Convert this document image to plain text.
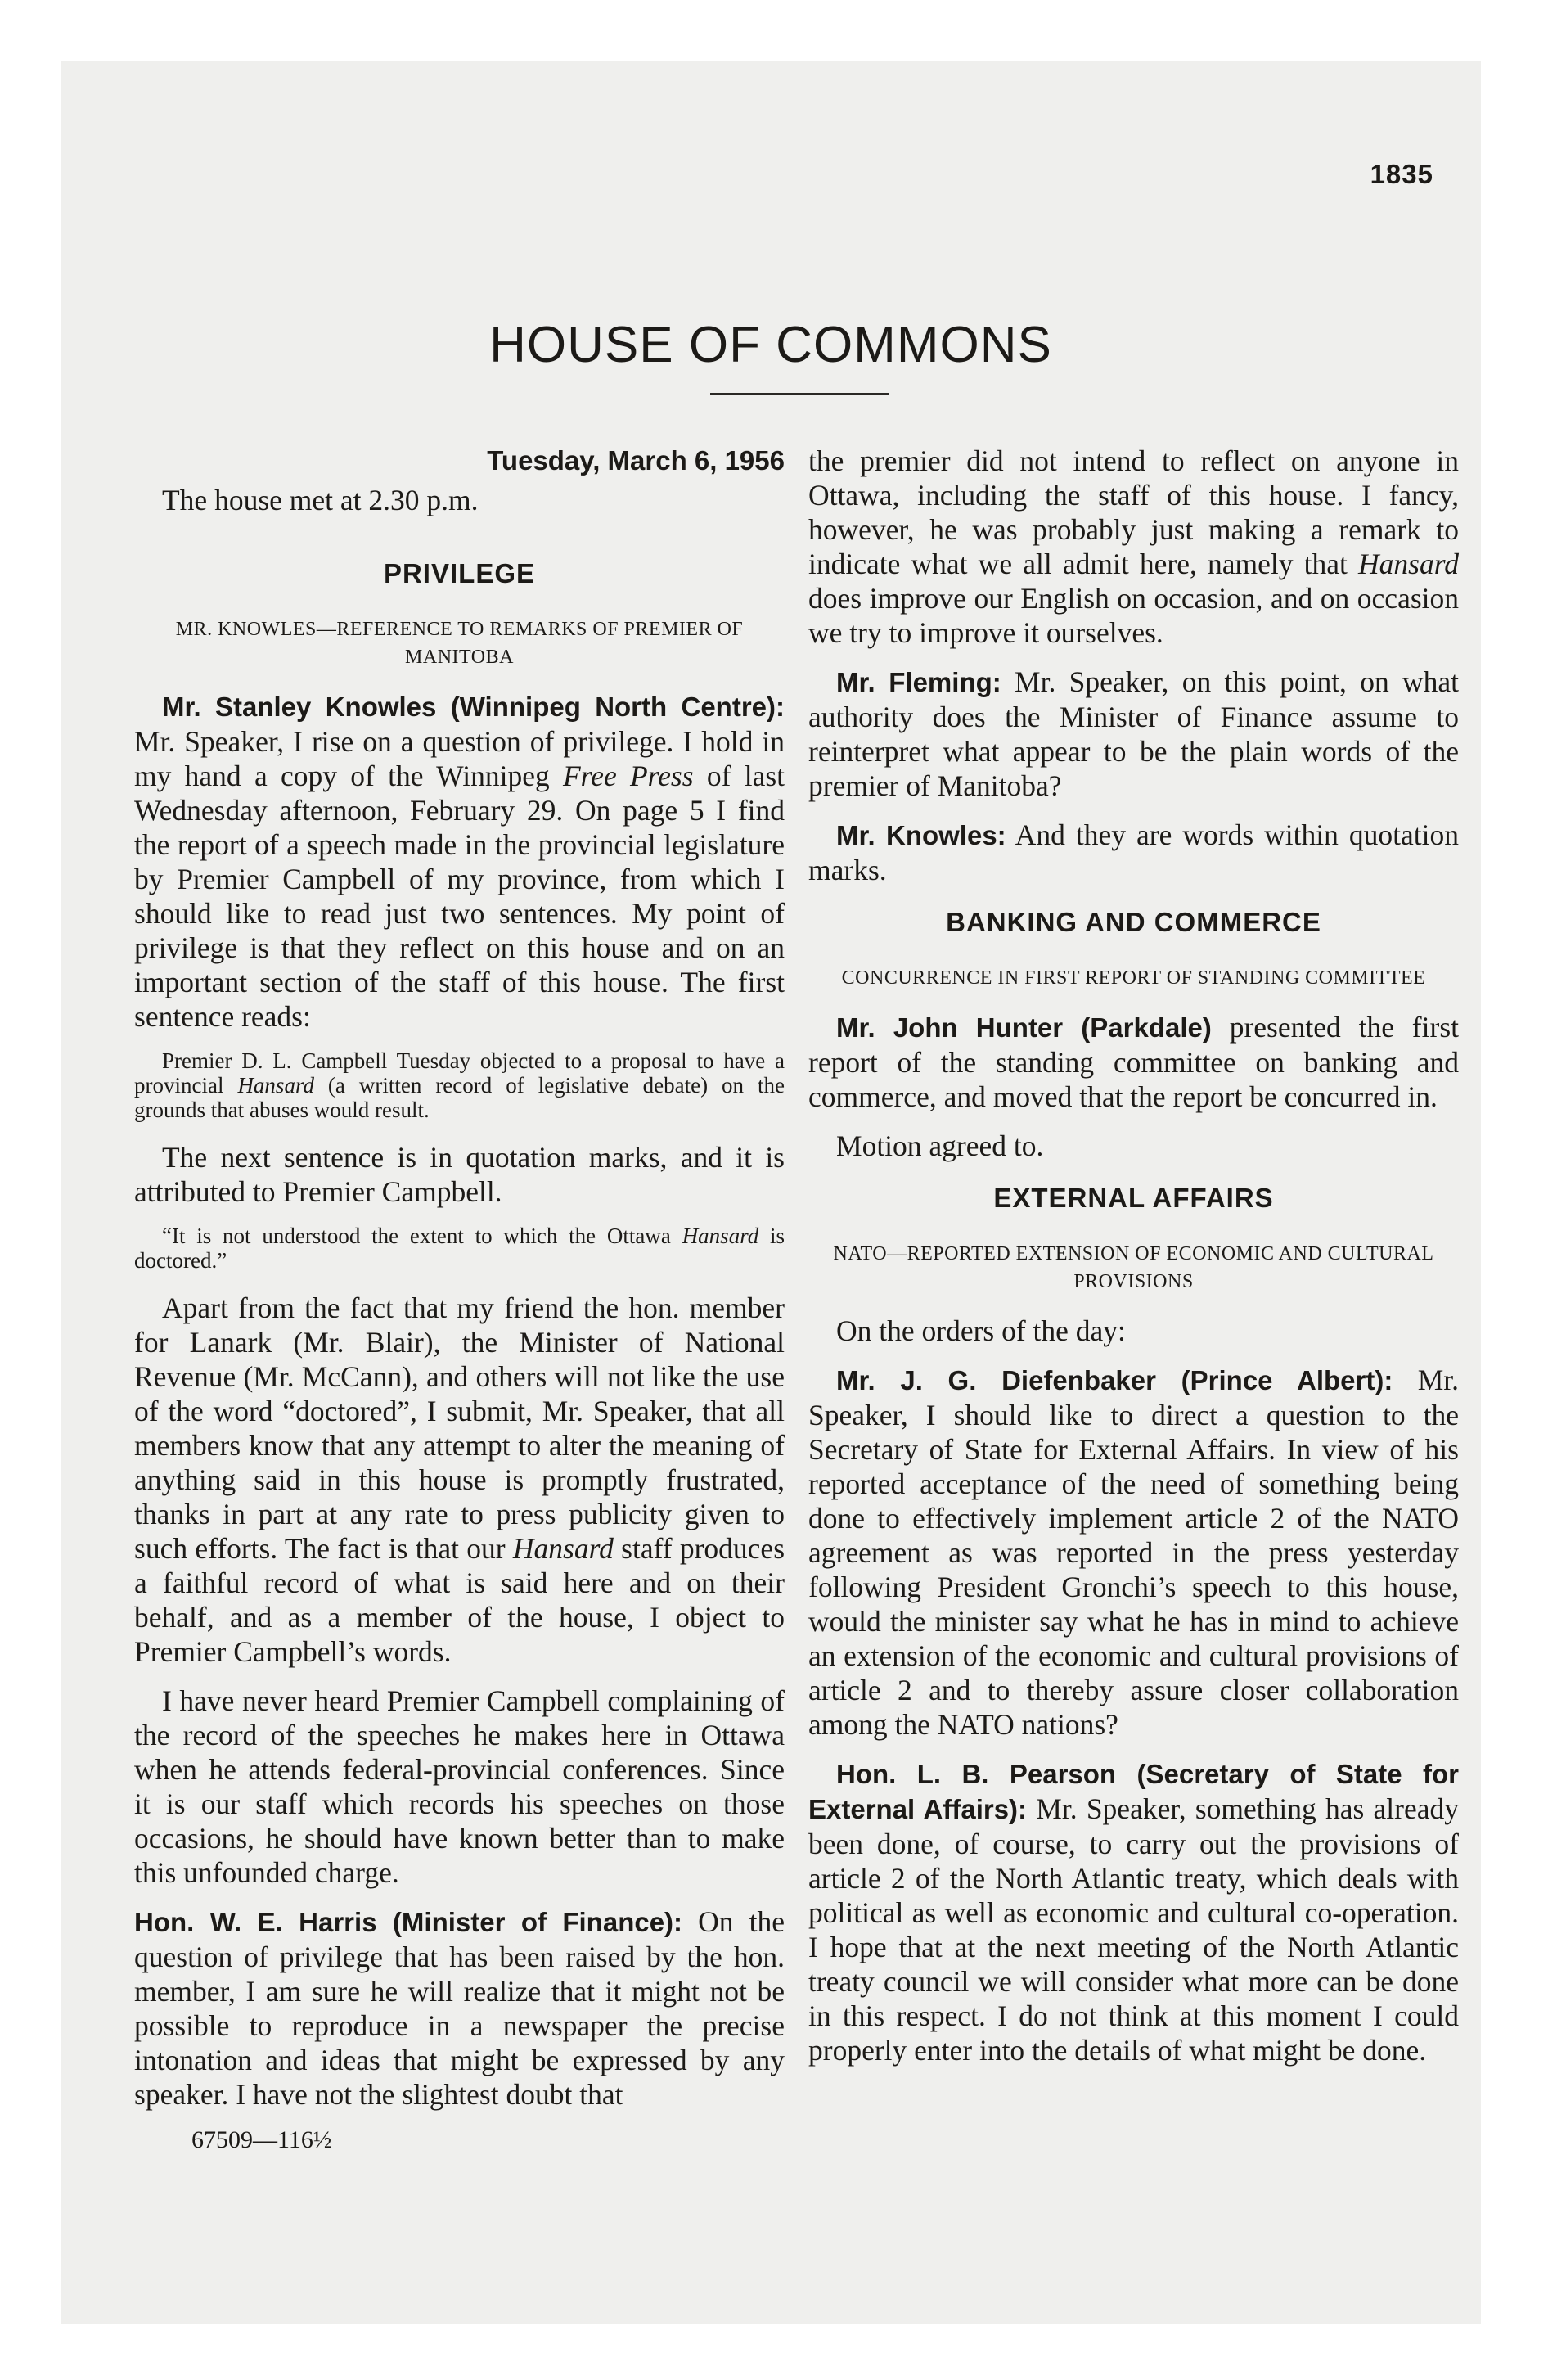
1835
HOUSE OF COMMONS

Tuesday, March 6, 1956

The house met at 2.30 p.m.

PRIVILEGE
MR. KNOWLES—REFERENCE TO REMARKS OF PREMIER OF MANITOBA

Mr. Stanley Knowles (Winnipeg North Centre): Mr. Speaker, I rise on a question of privilege. I hold in my hand a copy of the Winnipeg Free Press of last Wednesday afternoon, February 29. On page 5 I find the report of a speech made in the provincial legislature by Premier Campbell of my province, from which I should like to read just two sentences. My point of privilege is that they reflect on this house and on an important section of the staff of this house. The first sentence reads:

Premier D. L. Campbell Tuesday objected to a proposal to have a provincial Hansard (a written record of legislative debate) on the grounds that abuses would result.

The next sentence is in quotation marks, and it is attributed to Premier Campbell.

“It is not understood the extent to which the Ottawa Hansard is doctored.”

Apart from the fact that my friend the hon. member for Lanark (Mr. Blair), the Minister of National Revenue (Mr. McCann), and others will not like the use of the word “doctored”, I submit, Mr. Speaker, that all members know that any attempt to alter the meaning of anything said in this house is promptly frustrated, thanks in part at any rate to press publicity given to such efforts. The fact is that our Hansard staff produces a faithful record of what is said here and on their behalf, and as a member of the house, I object to Premier Campbell’s words.

I have never heard Premier Campbell complaining of the record of the speeches he makes here in Ottawa when he attends federal-provincial conferences. Since it is our staff which records his speeches on those occasions, he should have known better than to make this unfounded charge.

Hon. W. E. Harris (Minister of Finance): On the question of privilege that has been raised by the hon. member, I am sure he will realize that it might not be possible to reproduce in a newspaper the precise intonation and ideas that might be expressed by any speaker. I have not the slightest doubt that

67509—116½

the premier did not intend to reflect on anyone in Ottawa, including the staff of this house. I fancy, however, he was probably just making a remark to indicate what we all admit here, namely that Hansard does improve our English on occasion, and on occasion we try to improve it ourselves.

Mr. Fleming: Mr. Speaker, on this point, on what authority does the Minister of Finance assume to reinterpret what appear to be the plain words of the premier of Manitoba?

Mr. Knowles: And they are words within quotation marks.

BANKING AND COMMERCE
CONCURRENCE IN FIRST REPORT OF STANDING COMMITTEE

Mr. John Hunter (Parkdale) presented the first report of the standing committee on banking and commerce, and moved that the report be concurred in.

Motion agreed to.

EXTERNAL AFFAIRS
NATO—REPORTED EXTENSION OF ECONOMIC AND CULTURAL PROVISIONS

On the orders of the day:

Mr. J. G. Diefenbaker (Prince Albert): Mr. Speaker, I should like to direct a question to the Secretary of State for External Affairs. In view of his reported acceptance of the need of something being done to effectively implement article 2 of the NATO agreement as was reported in the press yesterday following President Gronchi’s speech to this house, would the minister say what he has in mind to achieve an extension of the economic and cultural provisions of article 2 and to thereby assure closer collaboration among the NATO nations?

Hon. L. B. Pearson (Secretary of State for External Affairs): Mr. Speaker, something has already been done, of course, to carry out the provisions of article 2 of the North Atlantic treaty, which deals with political as well as economic and cultural co-operation. I hope that at the next meeting of the North Atlantic treaty council we will consider what more can be done in this respect. I do not think at this moment I could properly enter into the details of what might be done.
